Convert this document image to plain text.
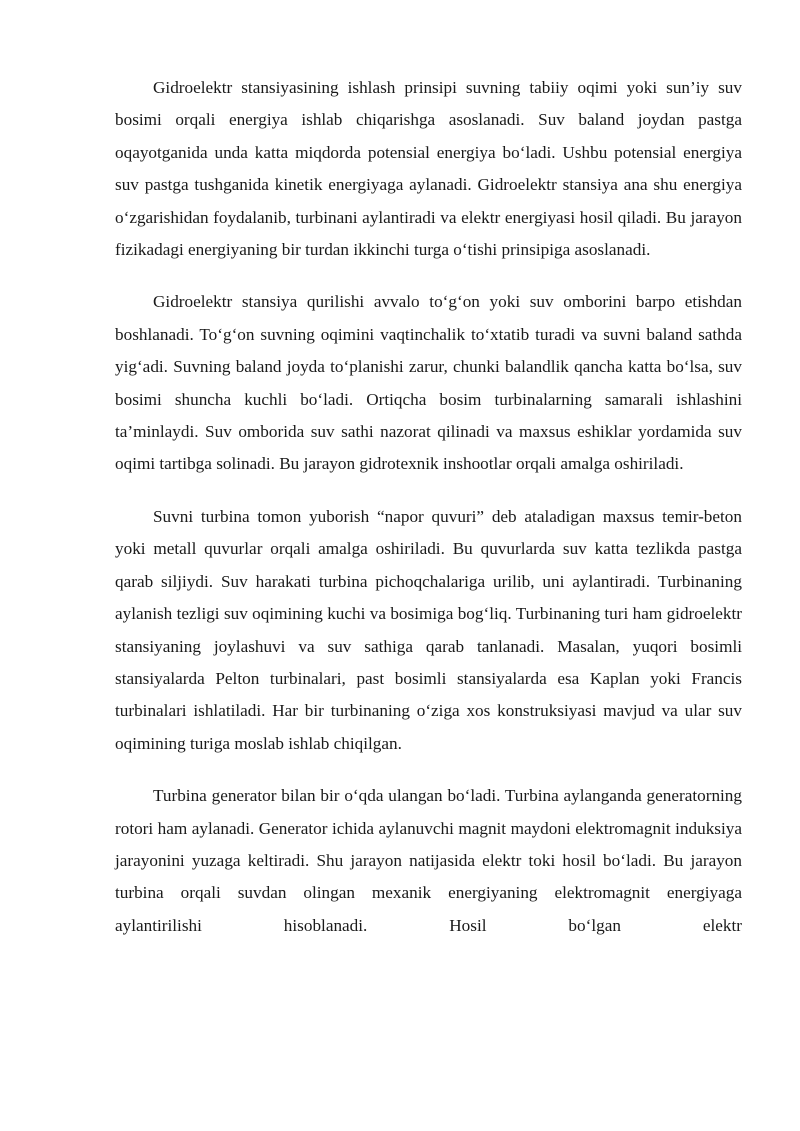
Gidroelektr stansiyasining ishlash prinsipi suvning tabiiy oqimi yoki sun’iy suv bosimi orqali energiya ishlab chiqarishga asoslanadi. Suv baland joydan pastga oqayotganida unda katta miqdorda potensial energiya bo‘ladi. Ushbu potensial energiya suv pastga tushganida kinetik energiyaga aylanadi. Gidroelektr stansiya ana shu energiya o‘zgarishidan foydalanib, turbinani aylantiradi va elektr energiyasi hosil qiladi. Bu jarayon fizikadagi energiyaning bir turdan ikkinchi turga o‘tishi prinsipiga asoslanadi.

Gidroelektr stansiya qurilishi avvalo to‘g‘on yoki suv omborini barpo etishdan boshlanadi. To‘g‘on suvning oqimini vaqtinchalik to‘xtatib turadi va suvni baland sathda yig‘adi. Suvning baland joyda to‘planishi zarur, chunki balandlik qancha katta bo‘lsa, suv bosimi shuncha kuchli bo‘ladi. Ortiqcha bosim turbinalarning samarali ishlashini ta’minlaydi. Suv omborida suv sathi nazorat qilinadi va maxsus eshiklar yordamida suv oqimi tartibga solinadi. Bu jarayon gidrotexnik inshootlar orqali amalga oshiriladi.

Suvni turbina tomon yuborish “napor quvuri” deb ataladigan maxsus temir-beton yoki metall quvurlar orqali amalga oshiriladi. Bu quvurlarda suv katta tezlikda pastga qarab siljiydi. Suv harakati turbina pichoqchalariga urilib, uni aylantiradi. Turbinaning aylanish tezligi suv oqimining kuchi va bosimiga bog‘liq. Turbinaning turi ham gidroelektr stansiyaning joylashuvi va suv sathiga qarab tanlanadi. Masalan, yuqori bosimli stansiyalarda Pelton turbinalari, past bosimli stansiyalarda esa Kaplan yoki Francis turbinalari ishlatiladi. Har bir turbinaning o‘ziga xos konstruksiyasi mavjud va ular suv oqimining turiga moslab ishlab chiqilgan.

Turbina generator bilan bir o‘qda ulangan bo‘ladi. Turbina aylanganda generatorning rotori ham aylanadi. Generator ichida aylanuvchi magnit maydoni elektromagnit induksiya jarayonini yuzaga keltiradi. Shu jarayon natijasida elektr toki hosil bo‘ladi. Bu jarayon turbina orqali suvdan olingan mexanik energiyaning elektromagnit energiyaga aylantirilishi hisoblanadi. Hosil bo‘lgan elektr
